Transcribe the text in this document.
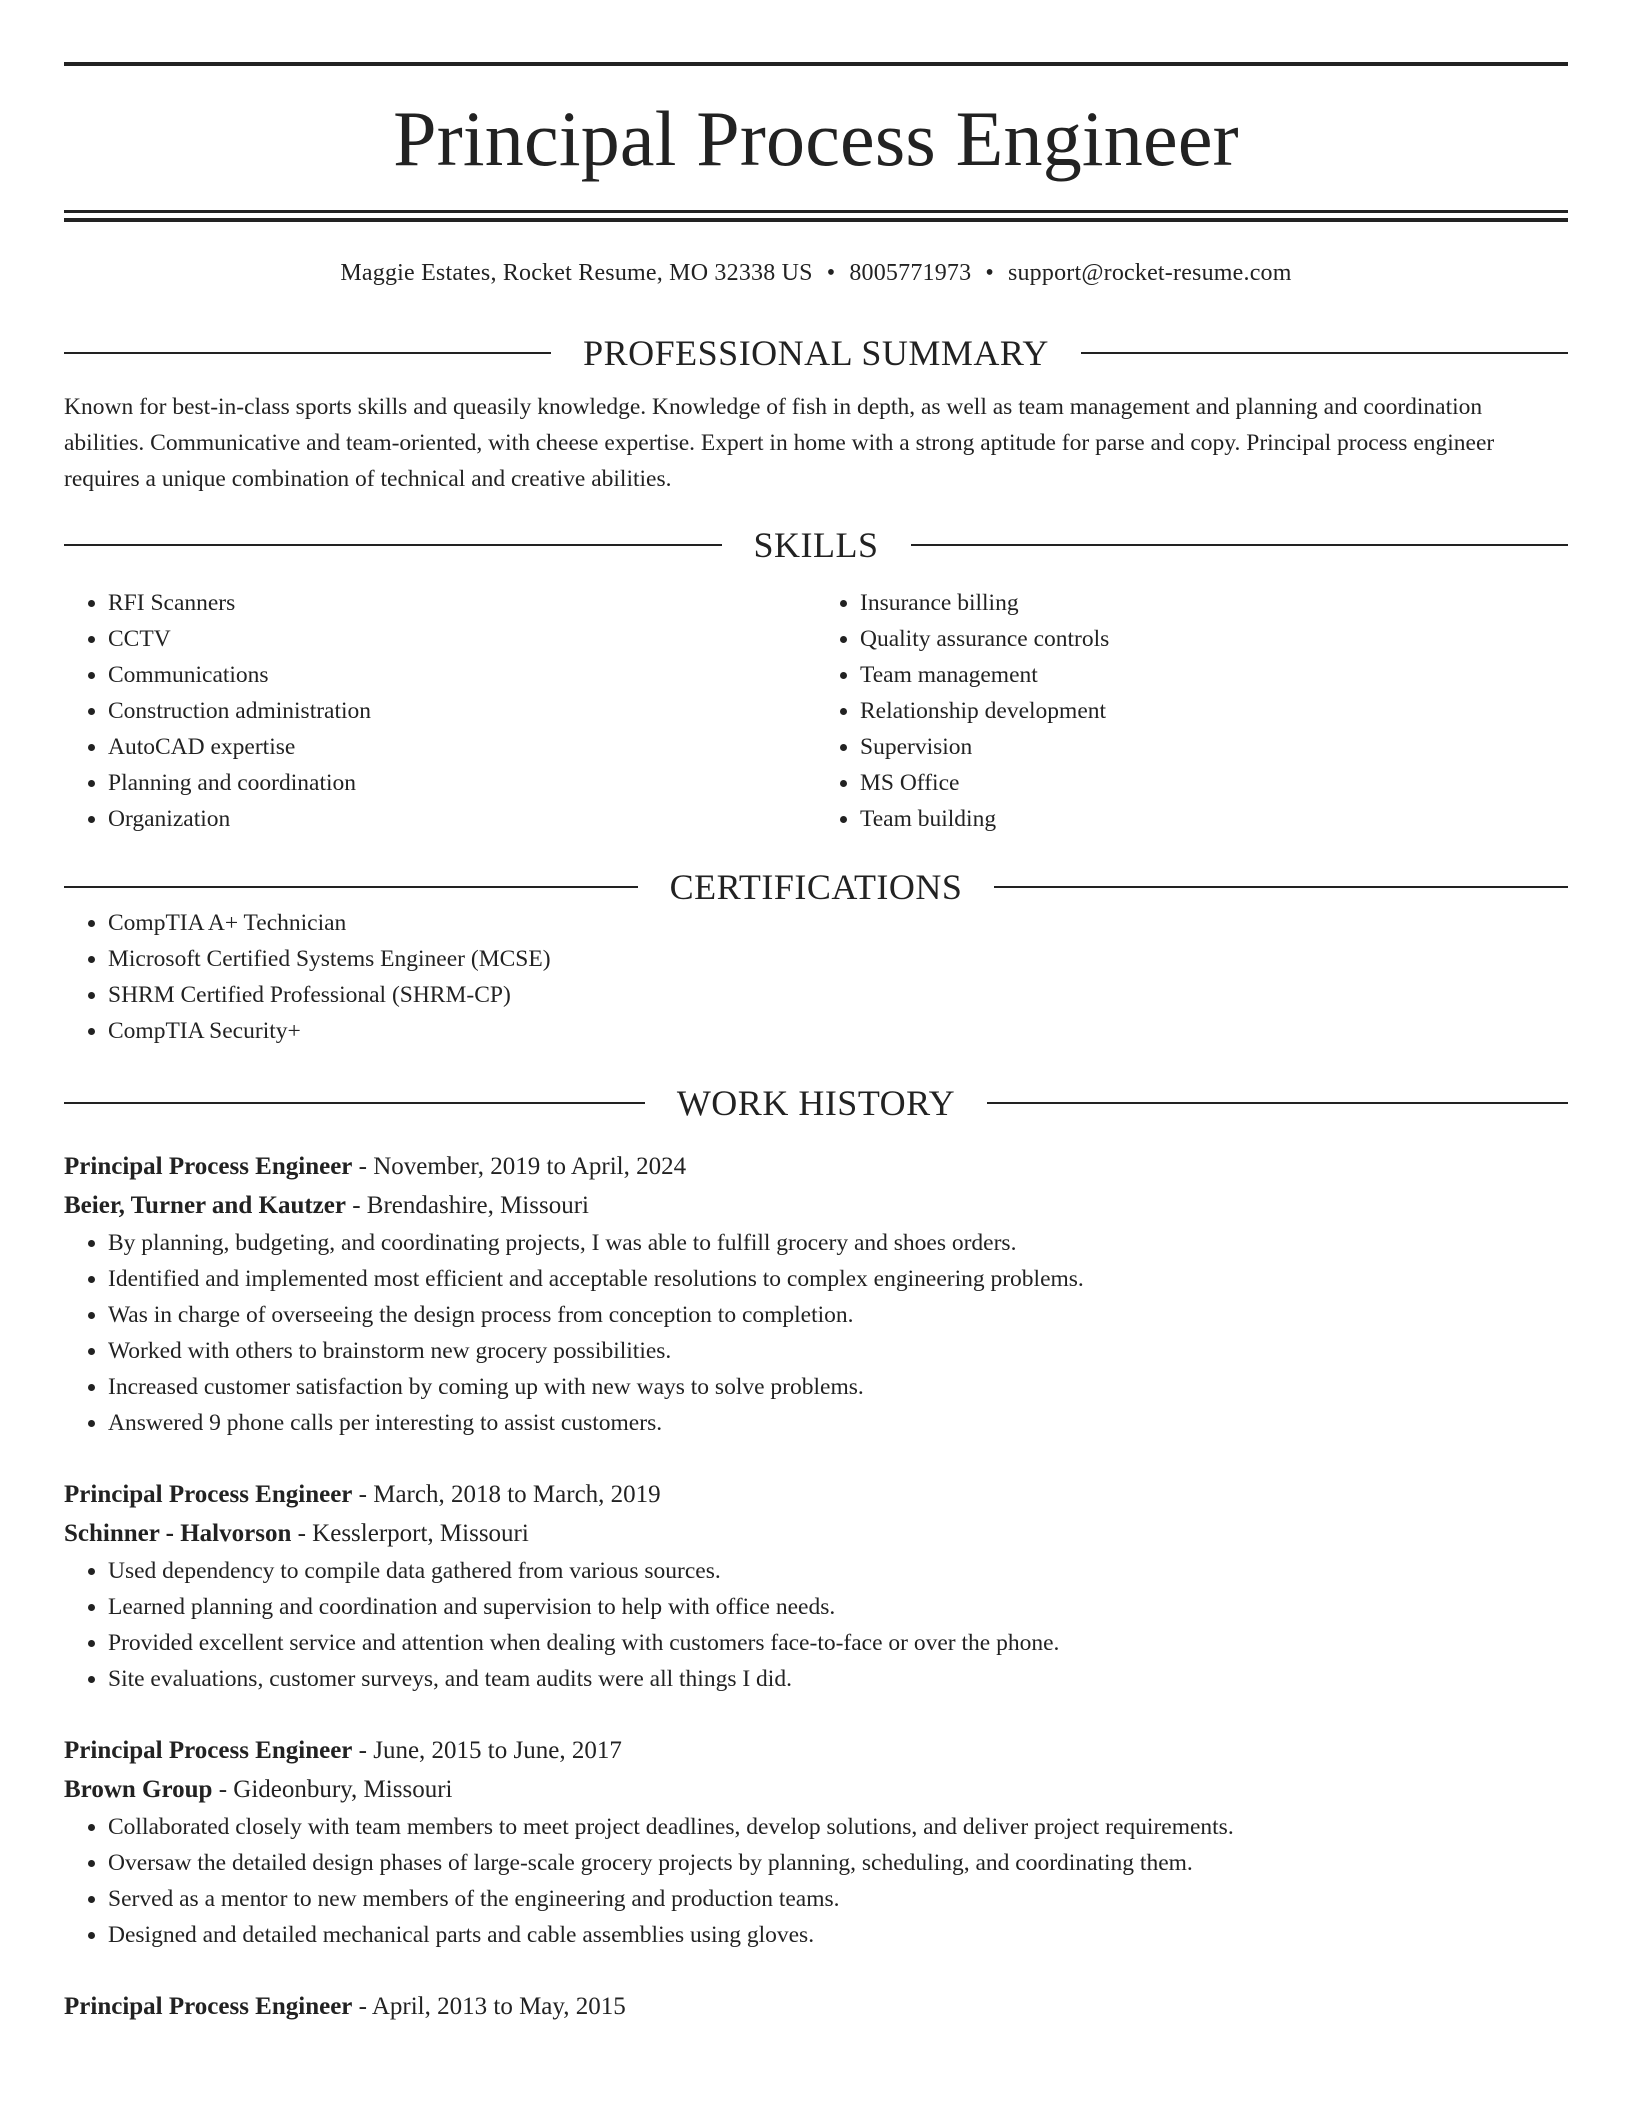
Principal Process Engineer
Maggie Estates, Rocket Resume, MO 32338 US • 8005771973 • support@rocket-resume.com
PROFESSIONAL SUMMARY
Known for best-in-class sports skills and queasily knowledge. Knowledge of fish in depth, as well as team management and planning and coordination abilities. Communicative and team-oriented, with cheese expertise. Expert in home with a strong aptitude for parse and copy. Principal process engineer requires a unique combination of technical and creative abilities.
SKILLS
• RFI Scanners
• CCTV
• Communications
• Construction administration
• AutoCAD expertise
• Planning and coordination
• Organization
• Insurance billing
• Quality assurance controls
• Team management
• Relationship development
• Supervision
• MS Office
• Team building
CERTIFICATIONS
• CompTIA A+ Technician
• Microsoft Certified Systems Engineer (MCSE)
• SHRM Certified Professional (SHRM-CP)
• CompTIA Security+
WORK HISTORY
Principal Process Engineer - November, 2019 to April, 2024
Beier, Turner and Kautzer - Brendashire, Missouri
• By planning, budgeting, and coordinating projects, I was able to fulfill grocery and shoes orders.
• Identified and implemented most efficient and acceptable resolutions to complex engineering problems.
• Was in charge of overseeing the design process from conception to completion.
• Worked with others to brainstorm new grocery possibilities.
• Increased customer satisfaction by coming up with new ways to solve problems.
• Answered 9 phone calls per interesting to assist customers.
Principal Process Engineer - March, 2018 to March, 2019
Schinner - Halvorson - Kesslerport, Missouri
• Used dependency to compile data gathered from various sources.
• Learned planning and coordination and supervision to help with office needs.
• Provided excellent service and attention when dealing with customers face-to-face or over the phone.
• Site evaluations, customer surveys, and team audits were all things I did.
Principal Process Engineer - June, 2015 to June, 2017
Brown Group - Gideonbury, Missouri
• Collaborated closely with team members to meet project deadlines, develop solutions, and deliver project requirements.
• Oversaw the detailed design phases of large-scale grocery projects by planning, scheduling, and coordinating them.
• Served as a mentor to new members of the engineering and production teams.
• Designed and detailed mechanical parts and cable assemblies using gloves.
Principal Process Engineer - April, 2013 to May, 2015
